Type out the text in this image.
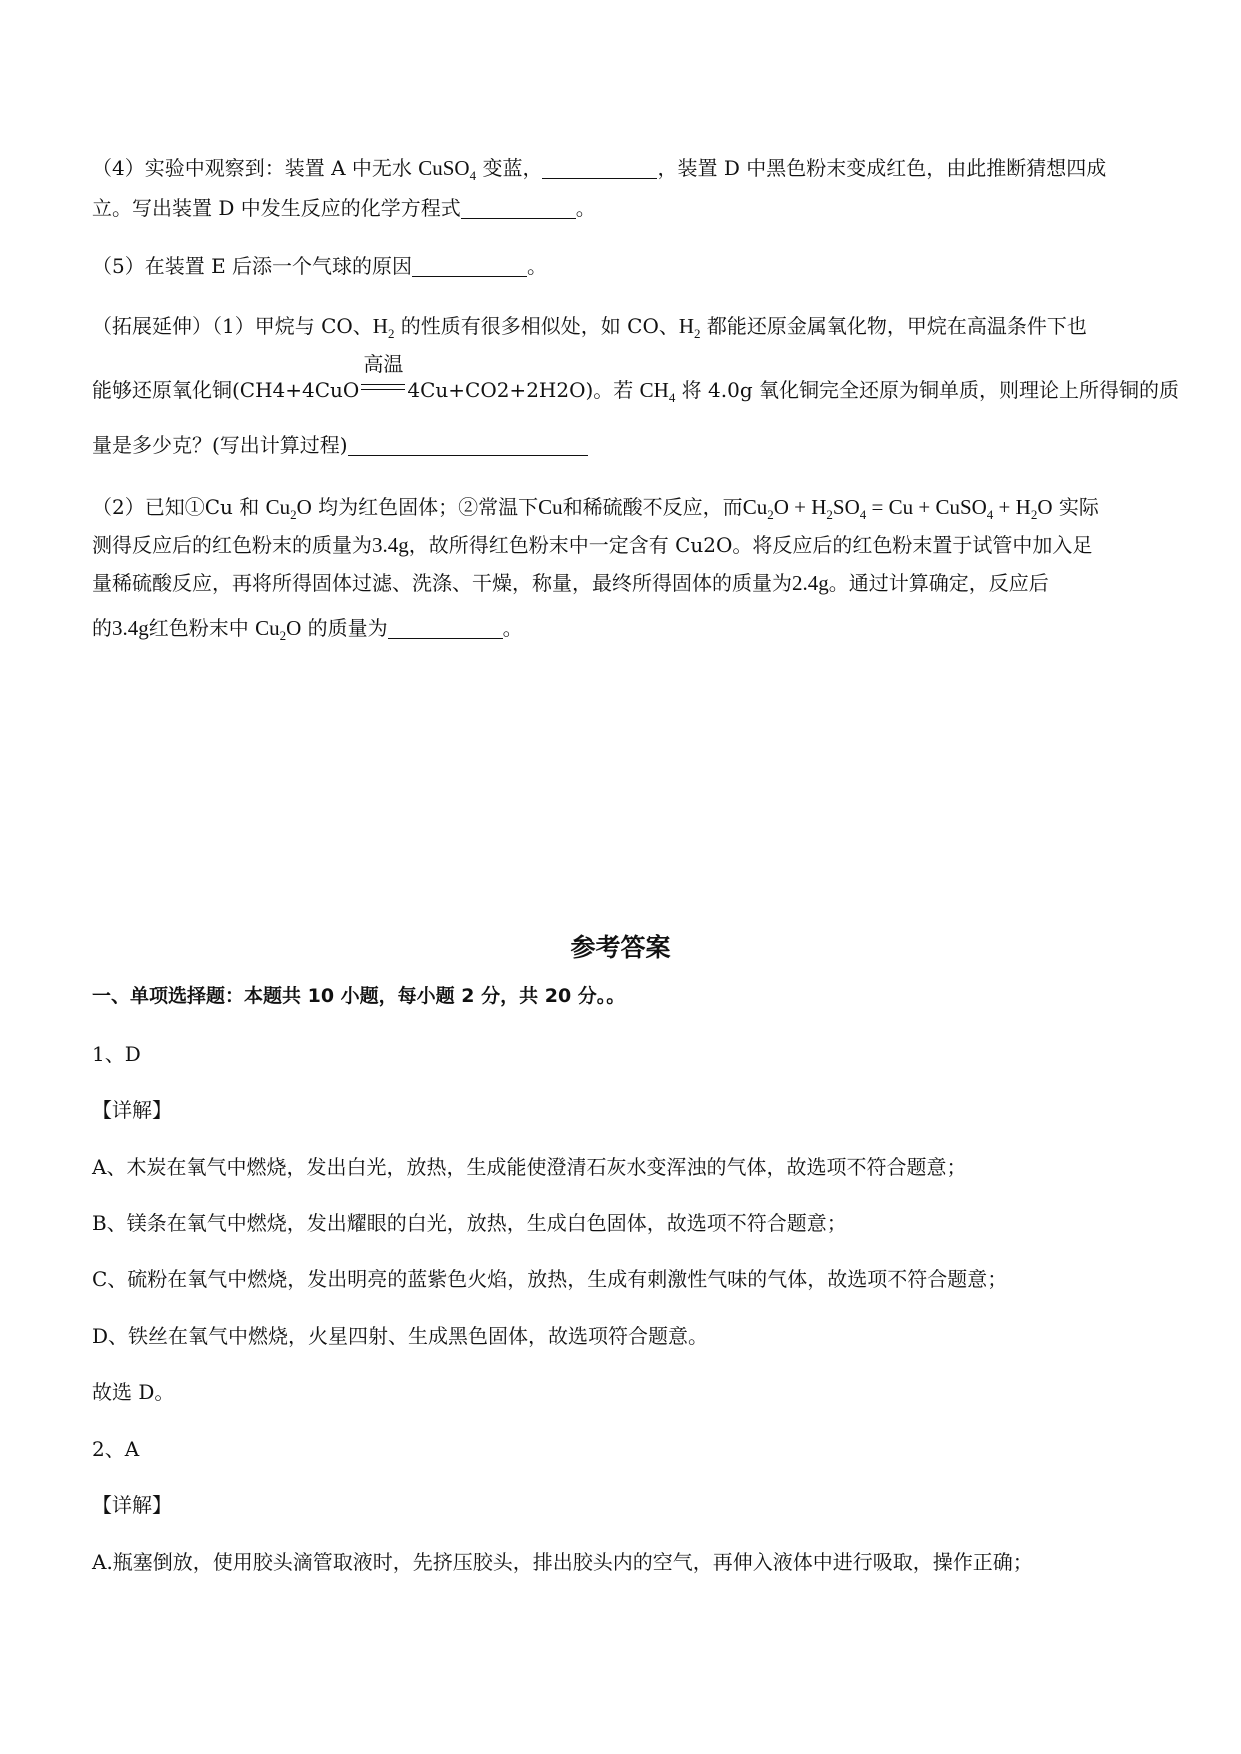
（4）实验中观察到：装置 A 中无水 CuSO$_4$ 变蓝，	，装置 D 中黑色粉末变成红色，由此推断猜想四成
立。写出装置 D 中发生反应的化学方程式	。
（5）在装置 E 后添一个气球的原因	。
（拓展延伸）（1）甲烷与 CO、$H_2$ 的性质有很多相似处，如 CO、$H_2$ 都能还原金属氧化物，甲烷在高温条件下也
能够还原氧化铜(CH4+4CuO
高温
4Cu+CO2+2H2O)。若 $CH_4$ 将 4.0g 氧化铜完全还原为铜单质，则理论上所得铜的质
量是多少克？(写出计算过程)
（2）已知①Cu 和 $Cu_2O$ 均为红色固体；②常温下Cu和稀硫酸不反应，而$Cu_2O + H_2SO_4 = Cu$ + CuSO$_4$ + $H_2O$ 实际
测得反应后的红色粉末的质量为3.4g，故所得红色粉末中一定含有 Cu2O。将反应后的红色粉末置于试管中加入足
量稀硫酸反应，再将所得固体过滤、洗涤、干燥，称量，最终所得固体的质量为2.4g。通过计算确定，反应后
的3.4g红色粉末中 $Cu_2O$ 的质量为	。
参考答案
一、单项选择题：本题共 10 小题，每小题 2 分，共 20 分。。
1、D
【详解】
A、木炭在氧气中燃烧，发出白光，放热，生成能使澄清石灰水变浑浊的气体，故选项不符合题意；
B、镁条在氧气中燃烧，发出耀眼的白光，放热，生成白色固体，故选项不符合题意；
C、硫粉在氧气中燃烧，发出明亮的蓝紫色火焰，放热，生成有刺激性气味的气体，故选项不符合题意；
D、铁丝在氧气中燃烧，火星四射、生成黑色固体，故选项符合题意。
故选 D。
2、A
【详解】
A.瓶塞倒放，使用胶头滴管取液时，先挤压胶头，排出胶头内的空气，再伸入液体中进行吸取，操作正确；
